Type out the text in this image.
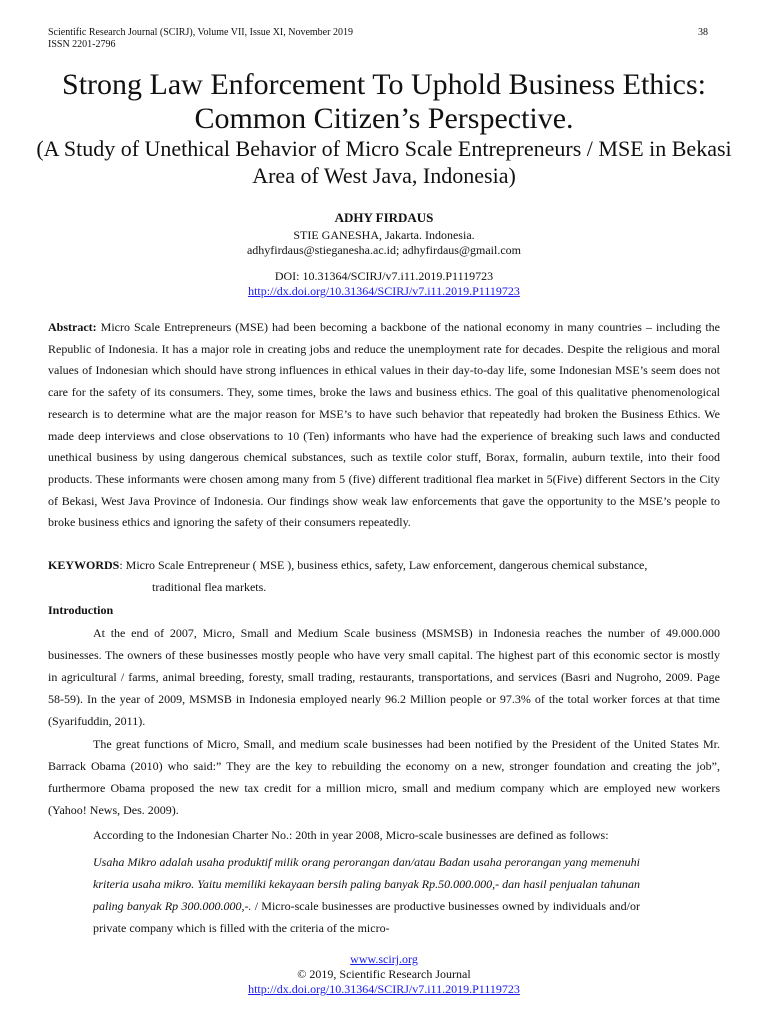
Scientific Research Journal (SCIRJ), Volume VII, Issue XI, November 2019
ISSN 2201-2796
38
Strong Law Enforcement To Uphold Business Ethics: Common Citizen’s Perspective.
(A Study of Unethical Behavior of Micro Scale Entrepreneurs / MSE in Bekasi Area of West Java, Indonesia)
ADHY FIRDAUS
STIE GANESHA, Jakarta. Indonesia.
adhyfirdaus@stieganesha.ac.id; adhyfirdaus@gmail.com
DOI: 10.31364/SCIRJ/v7.i11.2019.P1119723
http://dx.doi.org/10.31364/SCIRJ/v7.i11.2019.P1119723
Abstract: Micro Scale Entrepreneurs (MSE) had been becoming a backbone of the national economy in many countries – including the Republic of Indonesia. It has a major role in creating jobs and reduce the unemployment rate for decades. Despite the religious and moral values of Indonesian which should have strong influences in ethical values in their day-to-day life, some Indonesian MSE’s seem does not care for the safety of its consumers. They, some times, broke the laws and business ethics. The goal of this qualitative phenomenological research is to determine what are the major reason for MSE’s to have such behavior that repeatedly had broken the Business Ethics. We made deep interviews and close observations to 10 (Ten) informants who have had the experience of breaking such laws and conducted unethical business by using dangerous chemical substances, such as textile color stuff, Borax, formalin, auburn textile, into their food products. These informants were chosen among many from 5 (five) different traditional flea market in 5(Five) different Sectors in the City of Bekasi, West Java Province of Indonesia. Our findings show weak law enforcements that gave the opportunity to the MSE’s people to broke business ethics and ignoring the safety of their consumers repeatedly.
KEYWORDS: Micro Scale Entrepreneur ( MSE ), business ethics, safety, Law enforcement, dangerous chemical substance,
traditional flea markets.
Introduction
At the end of 2007, Micro, Small and Medium Scale business (MSMSB) in Indonesia reaches the number of 49.000.000 businesses. The owners of these businesses mostly people who have very small capital. The highest part of this economic sector is mostly in agricultural / farms, animal breeding, foresty, small trading, restaurants, transportations, and services (Basri and Nugroho, 2009. Page 58-59). In the year of 2009, MSMSB in Indonesia employed nearly 96.2 Million people or 97.3% of the total worker forces at that time (Syarifuddin, 2011).
The great functions of Micro, Small, and medium scale businesses had been notified by the President of the United States Mr. Barrack Obama (2010) who said:” They are the key to rebuilding the economy on a new, stronger foundation and creating the job”, furthermore Obama proposed the new tax credit for a million micro, small and medium company which are employed new workers (Yahoo! News, Des. 2009).
According to the Indonesian Charter No.: 20th in year 2008, Micro-scale businesses are defined as follows:
Usaha Mikro adalah usaha produktif milik orang perorangan dan/atau Badan usaha perorangan yang memenuhi kriteria usaha mikro. Yaitu memiliki kekayaan bersih paling banyak Rp.50.000.000,- dan hasil penjualan tahunan paling banyak Rp 300.000.000,-. / Micro-scale businesses are productive businesses owned by individuals and/or private company which is filled with the criteria of the micro-
www.scirj.org
© 2019, Scientific Research Journal
http://dx.doi.org/10.31364/SCIRJ/v7.i11.2019.P1119723
